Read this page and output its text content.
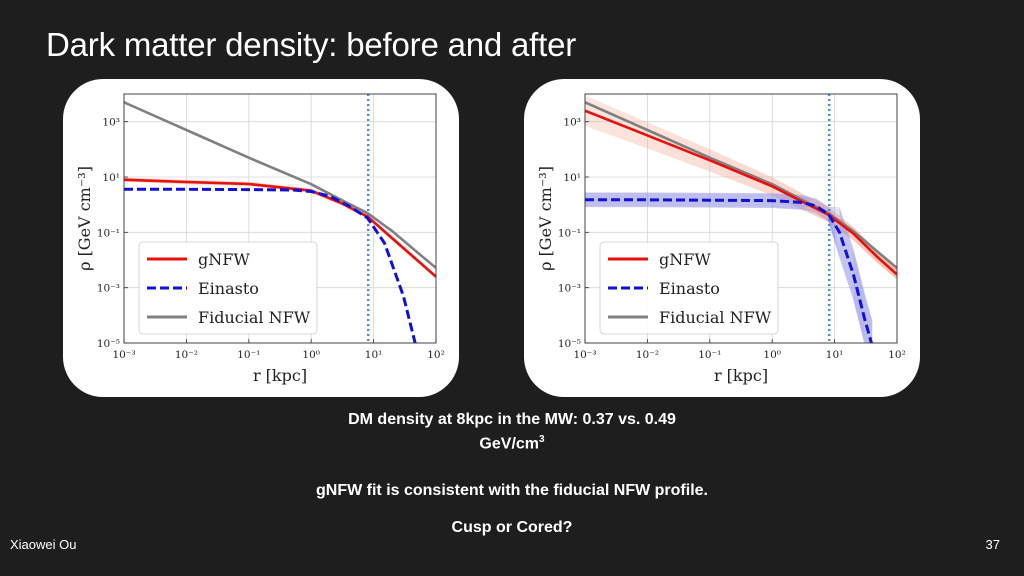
Dark matter density: before and after
10⁻³	10⁻²	10⁻¹	10⁰	10¹	10²
10⁻⁵
10⁻³
10⁻¹
10¹
10³
r [kpc]
ρ [GeV cm⁻³]	gNFW
Einasto
Fiducial NFW
10⁻³	10⁻²	10⁻¹	10⁰	10¹	10²
10⁻⁵
10⁻³
10⁻¹
10¹
10³
r [kpc]
ρ [GeV cm⁻³]	gNFW
Einasto
Fiducial NFW
DM density at 8kpc in the MW: 0.37 vs. 0.49
GeV/$cm^3$
gNFW fit is consistent with the fiducial NFW profile.
Cusp or Cored?
Xiaowei Ou	37
